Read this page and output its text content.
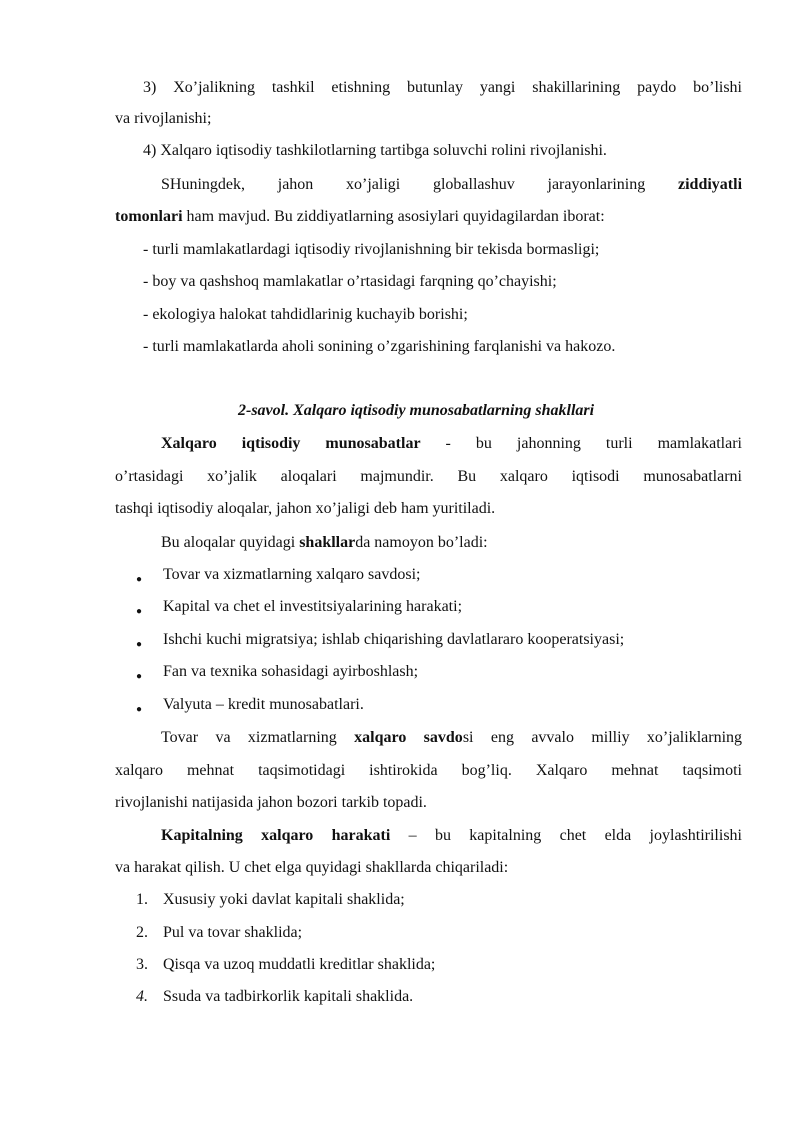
3) Xo’jalikning tashkil etishning butunlay yangi shakillarining paydo bo’lishi
va rivojlanishi;
4) Xalqaro iqtisodiy tashkilotlarning tartibga soluvchi rolini rivojlanishi.
SHuningdek, jahon xo’jaligi globallashuv jarayonlarining ziddiyatli
tomonlari ham mavjud. Bu ziddiyatlarning asosiylari quyidagilardan iborat:
- turli mamlakatlardagi iqtisodiy rivojlanishning bir tekisda bormasligi;
- boy va qashshoq mamlakatlar o’rtasidagi farqning qo’chayishi;
- ekologiya halokat tahdidlarinig kuchayib borishi;
- turli mamlakatlarda aholi sonining o’zgarishining farqlanishi va hakozo.
2-savol. Xalqaro iqtisodiy munosabatlarning shakllari
Xalqaro iqtisodiy munosabatlar - bu jahonning turli mamlakatlari
o’rtasidagi xo’jalik aloqalari majmundir. Bu xalqaro iqtisodi munosabatlarni
tashqi iqtisodiy aloqalar, jahon xo’jaligi deb ham yuritiladi.
Bu aloqalar quyidagi shakllarda namoyon bo’ladi:
● Tovar va xizmatlarning xalqaro savdosi;
● Kapital va chet el investitsiyalarining harakati;
● Ishchi kuchi migratsiya; ishlab chiqarishing davlatlararo kooperatsiyasi;
● Fan va texnika sohasidagi ayirboshlash;
● Valyuta – kredit munosabatlari.
Tovar va xizmatlarning xalqaro savdosi eng avvalo milliy xo’jaliklarning
xalqaro mehnat taqsimotidagi ishtirokida bog’liq. Xalqaro mehnat taqsimoti
rivojlanishi natijasida jahon bozori tarkib topadi.
Kapitalning xalqaro harakati – bu kapitalning chet elda joylashtirilishi
va harakat qilish. U chet elga quyidagi shakllarda chiqariladi:
1. Xususiy yoki davlat kapitali shaklida;
2. Pul va tovar shaklida;
3. Qisqa va uzoq muddatli kreditlar shaklida;
4. Ssuda va tadbirkorlik kapitali shaklida.
